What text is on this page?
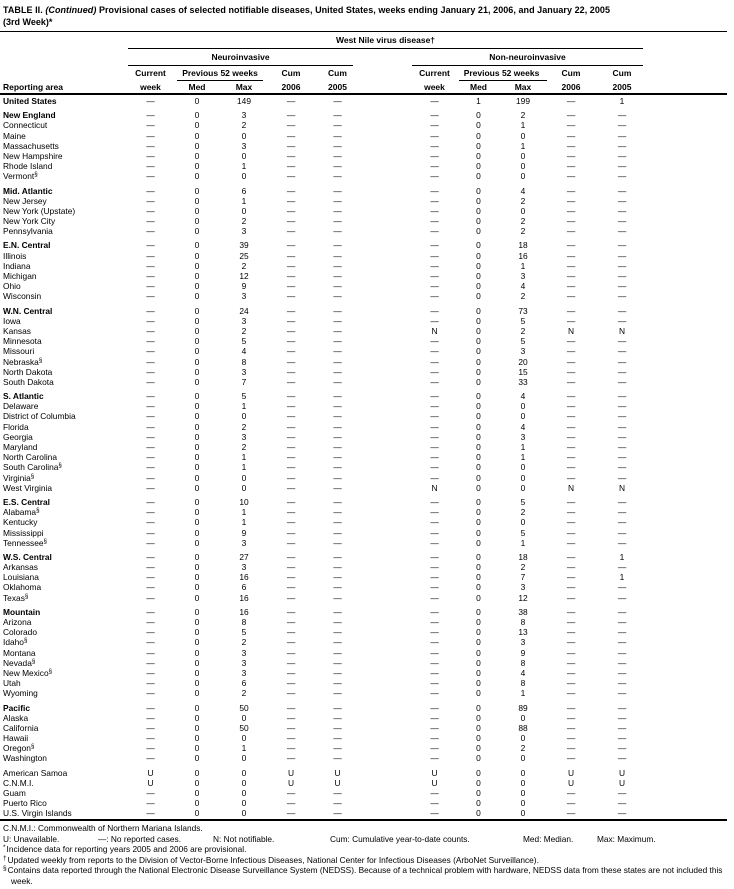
TABLE II. (Continued) Provisional cases of selected notifiable diseases, United States, weeks ending January 21, 2006, and January 22, 2005
(3rd Week)*
West Nile virus disease†
Neuroinvasive	Non-neuroinvasive
Current	Previous 52 weeks	Cum	Cum	Current	Previous 52 weeks	Cum	Cum
Reporting area	week	Med	Max	2006	2005	week	Med	Max	2006	2005
United States	—	0	149	—	—	—	1	199	—	1
New England	—	0	3	—	—	—	0	2	—	—
Connecticut	—	0	2	—	—	—	0	1	—	—
Maine	—	0	0	—	—	—	0	0	—	—
Massachusetts	—	0	3	—	—	—	0	1	—	—
New Hampshire	—	0	0	—	—	—	0	0	—	—
Rhode Island	—	0	1	—	—	—	0	0	—	—
Vermont§	—	0	0	—	—	—	0	0	—	—
Mid. Atlantic	—	0	6	—	—	—	0	4	—	—
New Jersey	—	0	1	—	—	—	0	2	—	—
New York (Upstate)	—	0	0	—	—	—	0	0	—	—
New York City	—	0	2	—	—	—	0	2	—	—
Pennsylvania	—	0	3	—	—	—	0	2	—	—
E.N. Central	—	0	39	—	—	—	0	18	—	—
Illinois	—	0	25	—	—	—	0	16	—	—
Indiana	—	0	2	—	—	—	0	1	—	—
Michigan	—	0	12	—	—	—	0	3	—	—
Ohio	—	0	9	—	—	—	0	4	—	—
Wisconsin	—	0	3	—	—	—	0	2	—	—
W.N. Central	—	0	24	—	—	—	0	73	—	—
Iowa	—	0	3	—	—	—	0	5	—	—
Kansas	—	0	2	—	—	N	0	2	N	N
Minnesota	—	0	5	—	—	—	0	5	—	—
Missouri	—	0	4	—	—	—	0	3	—	—
Nebraska§	—	0	8	—	—	—	0	20	—	—
North Dakota	—	0	3	—	—	—	0	15	—	—
South Dakota	—	0	7	—	—	—	0	33	—	—
S. Atlantic	—	0	5	—	—	—	0	4	—	—
Delaware	—	0	1	—	—	—	0	0	—	—
District of Columbia	—	0	0	—	—	—	0	0	—	—
Florida	—	0	2	—	—	—	0	4	—	—
Georgia	—	0	3	—	—	—	0	3	—	—
Maryland	—	0	2	—	—	—	0	1	—	—
North Carolina	—	0	1	—	—	—	0	1	—	—
South Carolina§	—	0	1	—	—	—	0	0	—	—
Virginia§	—	0	0	—	—	—	0	0	—	—
West Virginia	—	0	0	—	—	N	0	0	N	N
E.S. Central	—	0	10	—	—	—	0	5	—	—
Alabama§	—	0	1	—	—	—	0	2	—	—
Kentucky	—	0	1	—	—	—	0	0	—	—
Mississippi	—	0	9	—	—	—	0	5	—	—
Tennessee§	—	0	3	—	—	—	0	1	—	—
W.S. Central	—	0	27	—	—	—	0	18	—	1
Arkansas	—	0	3	—	—	—	0	2	—	—
Louisiana	—	0	16	—	—	—	0	7	—	1
Oklahoma	—	0	6	—	—	—	0	3	—	—
Texas§	—	0	16	—	—	—	0	12	—	—
Mountain	—	0	16	—	—	—	0	38	—	—
Arizona	—	0	8	—	—	—	0	8	—	—
Colorado	—	0	5	—	—	—	0	13	—	—
Idaho§	—	0	2	—	—	—	0	3	—	—
Montana	—	0	3	—	—	—	0	9	—	—
Nevada§	—	0	3	—	—	—	0	8	—	—
New Mexico§	—	0	3	—	—	—	0	4	—	—
Utah	—	0	6	—	—	—	0	8	—	—
Wyoming	—	0	2	—	—	—	0	1	—	—
Pacific	—	0	50	—	—	—	0	89	—	—
Alaska	—	0	0	—	—	—	0	0	—	—
California	—	0	50	—	—	—	0	88	—	—
Hawaii	—	0	0	—	—	—	0	0	—	—
Oregon§	—	0	1	—	—	—	0	2	—	—
Washington	—	0	0	—	—	—	0	0	—	—
American Samoa	U	0	0	U	U	U	0	0	U	U
C.N.M.I.	U	0	0	U	U	U	0	0	U	U
Guam	—	0	0	—	—	—	0	0	—	—
Puerto Rico	—	0	0	—	—	—	0	0	—	—
U.S. Virgin Islands	—	0	0	—	—	—	0	0	—	—
C.N.M.I.: Commonwealth of Northern Mariana Islands.
U: Unavailable.	—: No reported cases.	N: Not notifiable.	Cum: Cumulative year-to-date counts.	Med: Median.	Max: Maximum.
*Incidence data for reporting years 2005 and 2006 are provisional.
†Updated weekly from reports to the Division of Vector-Borne Infectious Diseases, National Center for Infectious Diseases (ArboNet Surveillance).
§Contains data reported through the National Electronic Disease Surveillance System (NEDSS). Because of a technical problem with hardware, NEDSS data from these states are not included this week.
